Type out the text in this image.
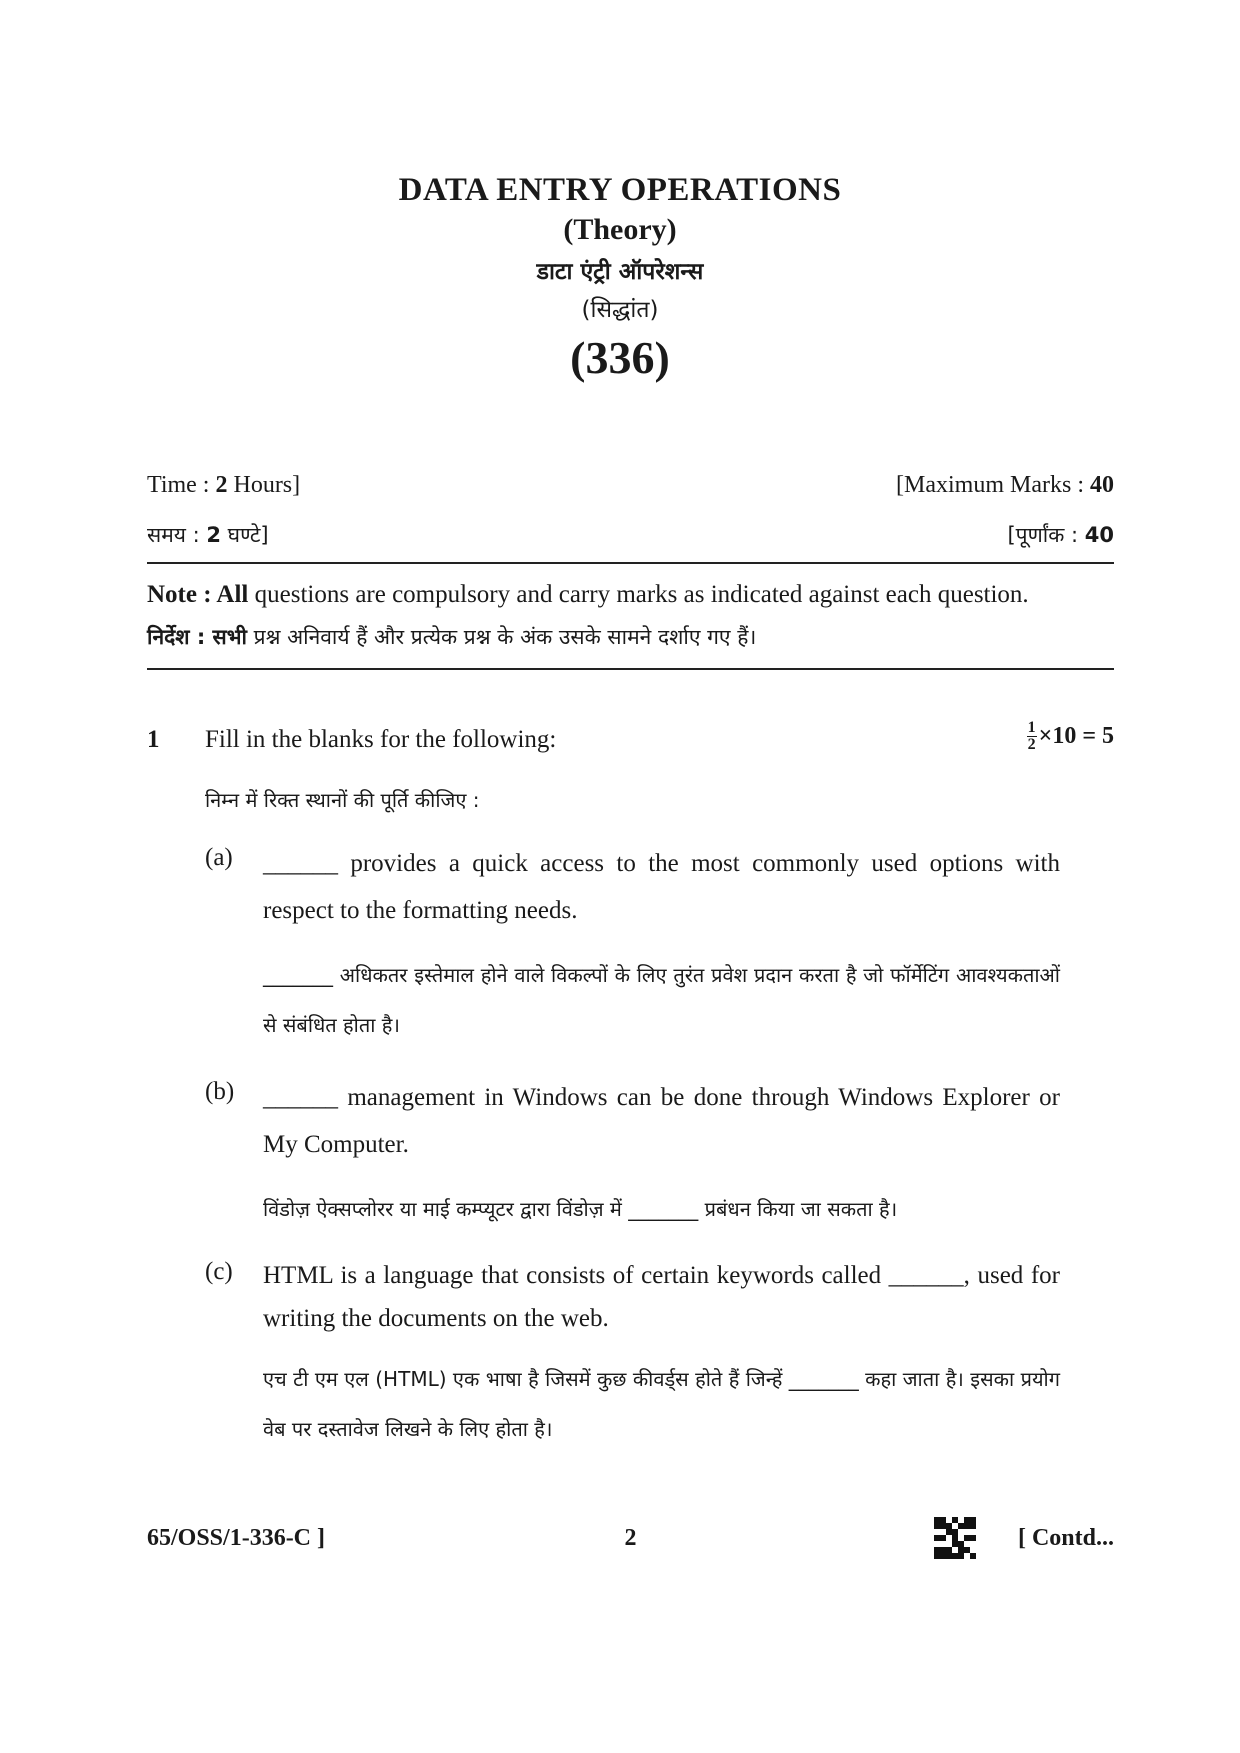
DATA ENTRY OPERATIONS
(Theory)
डाटा एंट्री ऑपरेशन्स
(सिद्धांत)
(336)
Time : 2 Hours]	[Maximum Marks : 40
समय : 2 घण्टे]	[पूर्णांक : 40
Note : All questions are compulsory and carry marks as indicated against each question.
निर्देश : सभी प्रश्न अनिवार्य हैं और प्रत्येक प्रश्न के अंक उसके सामने दर्शाए गए हैं।
1 Fill in the blanks for the following:	$\frac{1}{2} \times 10 = 5$
निम्न में रिक्त स्थानों की पूर्ति कीजिए :
(a) ______ provides a quick access to the most commonly used options with respect to the formatting needs.
_______ अधिकतर इस्तेमाल होने वाले विकल्पों के लिए तुरंत प्रवेश प्रदान करता है जो फॉर्मेटिंग आवश्यकताओं से संबंधित होता है।
(b) ______ management in Windows can be done through Windows Explorer or My Computer.
विंडोज़ ऐक्सप्लोरर या माई कम्प्यूटर द्वारा विंडोज़ में _______ प्रबंधन किया जा सकता है।
(c) HTML is a language that consists of certain keywords called ______, used for writing the documents on the web.
एच टी एम एल (HTML) एक भाषा है जिसमें कुछ कीवर्ड्स होते हैं जिन्हें _______ कहा जाता है। इसका प्रयोग वेब पर दस्तावेज लिखने के लिए होता है।
65/OSS/1-336-C ]	2	[ Contd...
